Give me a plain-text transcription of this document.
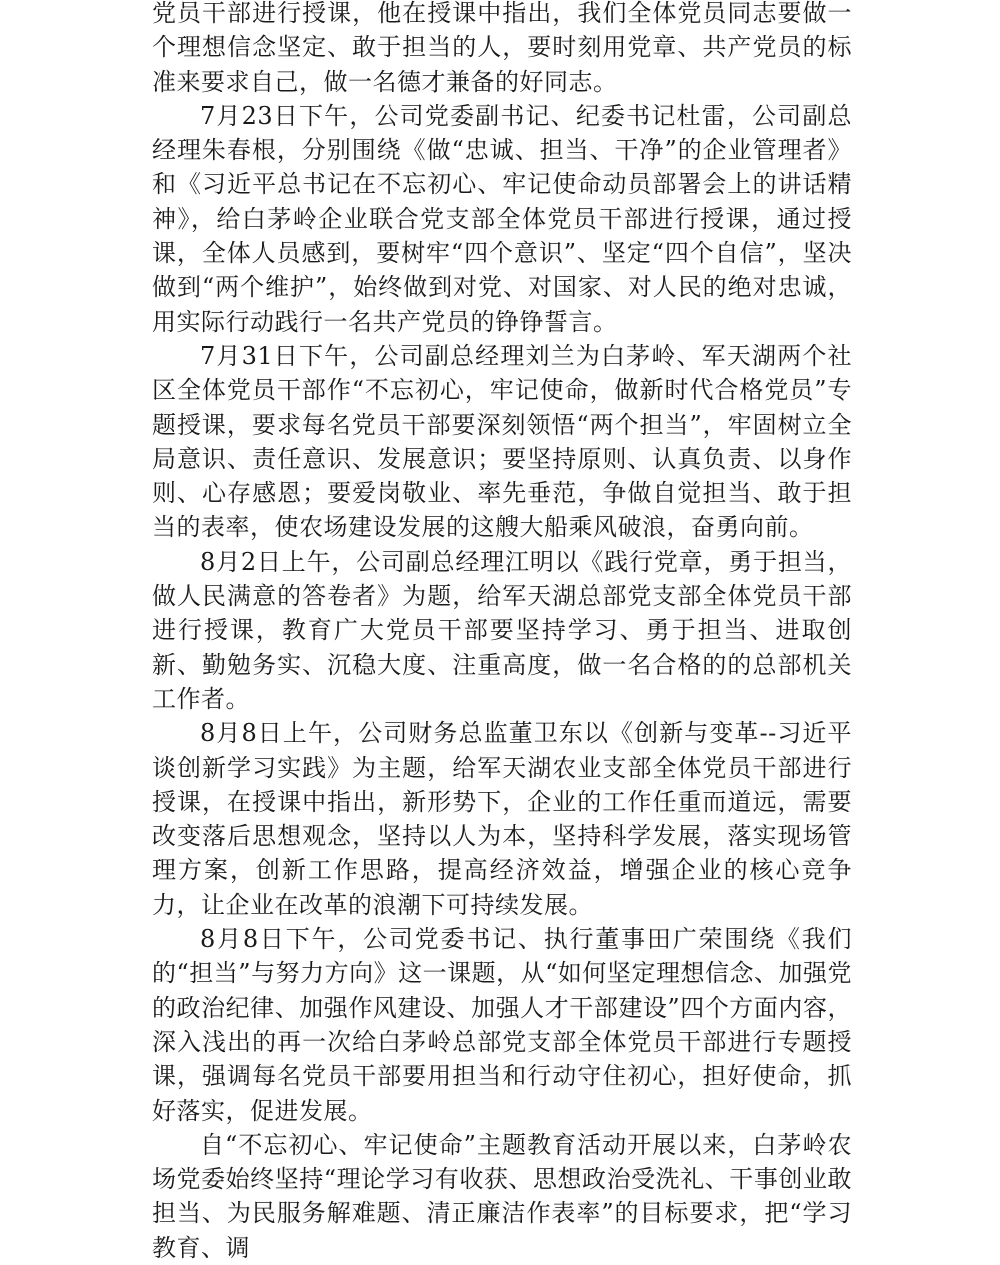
党员干部进行授课，他在授课中指出，我们全体党员同志要做一个理想信念坚定、敢于担当的人，要时刻用党章、共产党员的标准来要求自己，做一名德才兼备的好同志。

7月23日下午，公司党委副书记、纪委书记杜雷，公司副总经理朱春根，分别围绕《做“忠诚、担当、干净”的企业管理者》和《习近平总书记在不忘初心、牢记使命动员部署会上的讲话精神》，给白茅岭企业联合党支部全体党员干部进行授课，通过授课，全体人员感到，要树牢“四个意识”、坚定“四个自信”，坚决做到“两个维护”，始终做到对党、对国家、对人民的绝对忠诚，用实际行动践行一名共产党员的铮铮誓言。

7月31日下午，公司副总经理刘兰为白茅岭、军天湖两个社区全体党员干部作“不忘初心，牢记使命，做新时代合格党员”专题授课，要求每名党员干部要深刻领悟“两个担当”，牢固树立全局意识、责任意识、发展意识；要坚持原则、认真负责、以身作则、心存感恩；要爱岗敬业、率先垂范，争做自觉担当、敢于担当的表率，使农场建设发展的这艘大船乘风破浪，奋勇向前。

8月2日上午，公司副总经理江明以《践行党章，勇于担当，做人民满意的答卷者》为题，给军天湖总部党支部全体党员干部进行授课，教育广大党员干部要坚持学习、勇于担当、进取创新、勤勉务实、沉稳大度、注重高度，做一名合格的的总部机关工作者。

8月8日上午，公司财务总监董卫东以《创新与变革--习近平谈创新学习实践》为主题，给军天湖农业支部全体党员干部进行授课，在授课中指出，新形势下，企业的工作任重而道远，需要改变落后思想观念，坚持以人为本，坚持科学发展，落实现场管理方案，创新工作思路，提高经济效益，增强企业的核心竞争力，让企业在改革的浪潮下可持续发展。

8月8日下午，公司党委书记、执行董事田广荣围绕《我们的“担当”与努力方向》这一课题，从“如何坚定理想信念、加强党的政治纪律、加强作风建设、加强人才干部建设”四个方面内容，深入浅出的再一次给白茅岭总部党支部全体党员干部进行专题授课，强调每名党员干部要用担当和行动守住初心，担好使命，抓好落实，促进发展。

自“不忘初心、牢记使命”主题教育活动开展以来，白茅岭农场党委始终坚持“理论学习有收获、思想政治受洗礼、干事创业敢担当、为民服务解难题、清正廉洁作表率”的目标要求，把“学习教育、调
